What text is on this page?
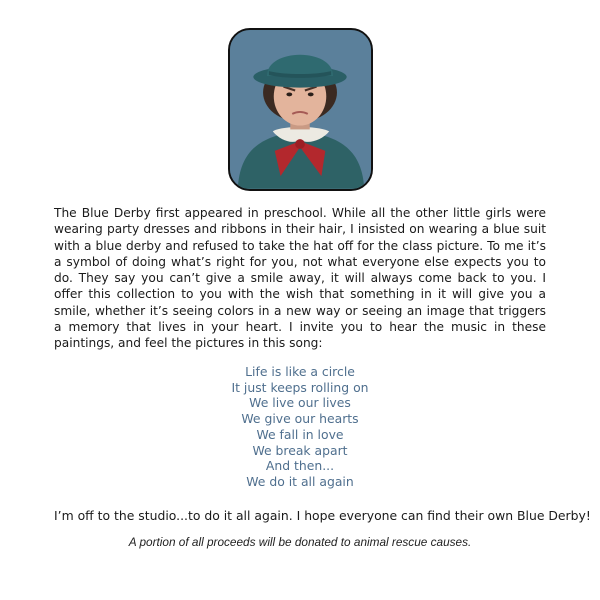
The Blue Derby first appeared in preschool. While all the other little girls were wearing party dresses and ribbons in their hair, I insisted on wearing a blue suit with a blue derby and refused to take the hat off for the class picture. To me it’s a symbol of doing what’s right for you, not what everyone else expects you to do. They say you can’t give a smile away, it will always come back to you. I offer this collection to you with the wish that something in it will give you a smile, whether it’s seeing colors in a new way or seeing an image that triggers a memory that lives in your heart. I invite you to hear the music in these paintings, and feel the pictures in this song:

Life is like a circle
It just keeps rolling on
We live our lives
We give our hearts
We fall in love
We break apart
And then...
We do it all again

I’m off to the studio...to do it all again. I hope everyone can find their own Blue Derby!

A portion of all proceeds will be donated to animal rescue causes.
